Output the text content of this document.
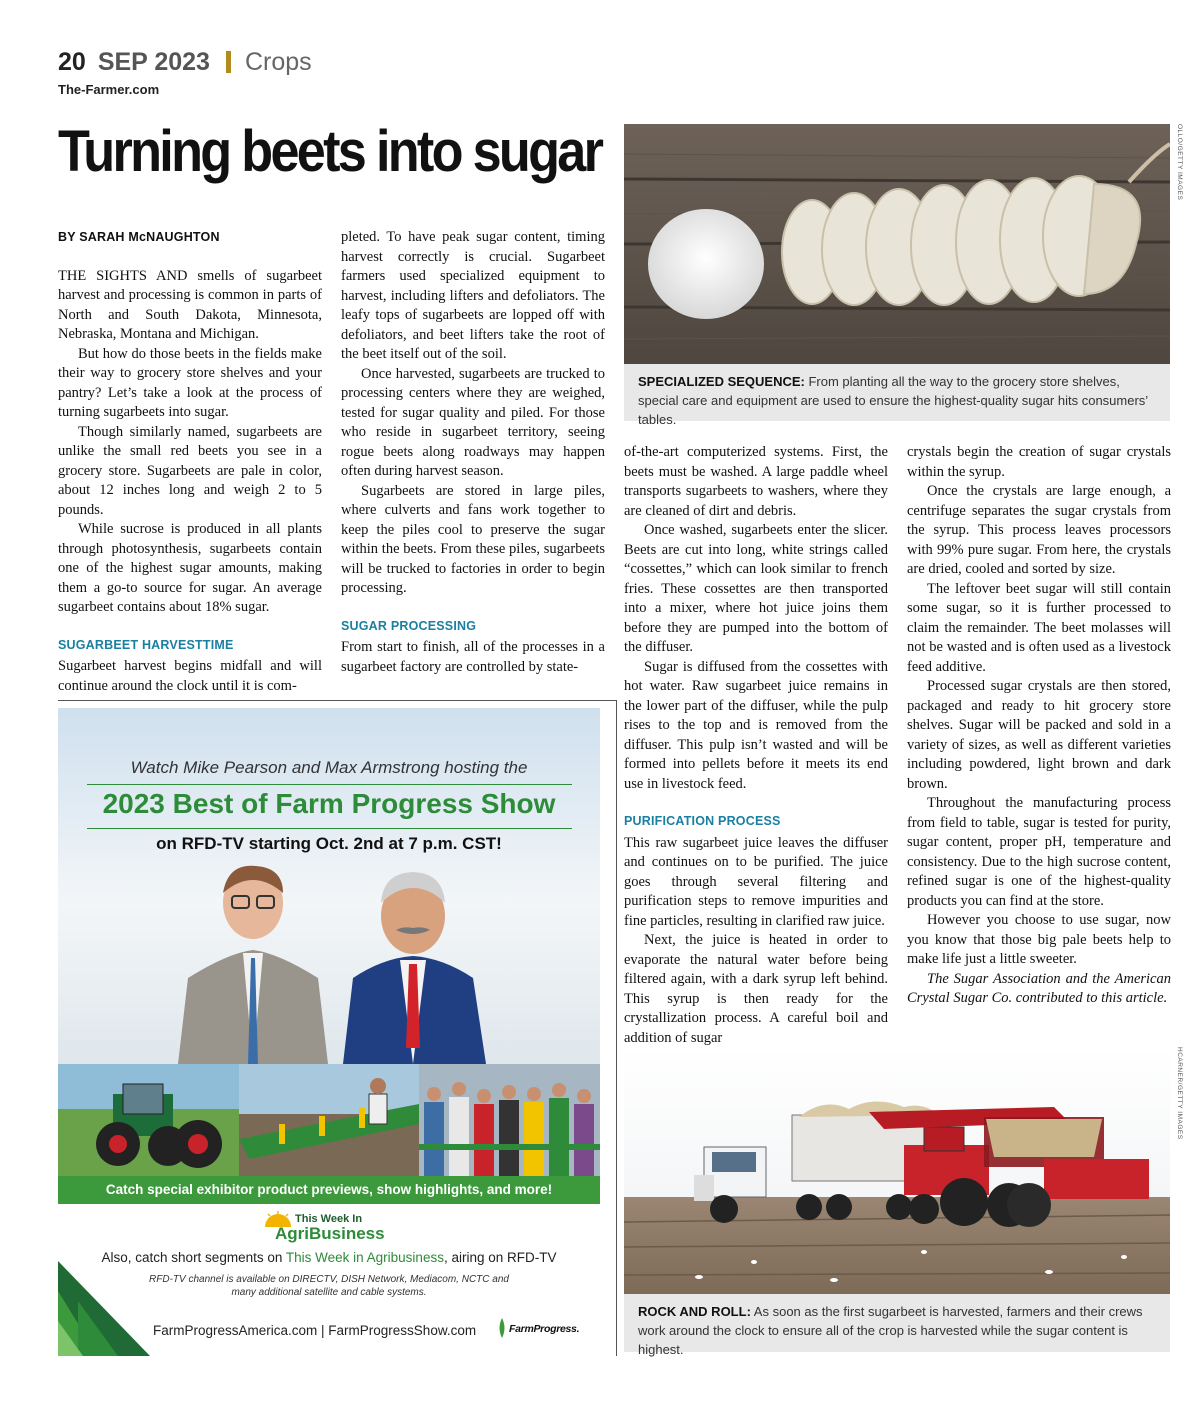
20 SEP 2023 Crops
The-Farmer.com
Turning beets into sugar

BY SARAH McNAUGHTON

THE SIGHTS AND smells of sugarbeet harvest and processing is common in parts of North and South Dakota, Minnesota, Nebraska, Montana and Michigan.

But how do those beets in the fields make their way to grocery store shelves and your pantry? Let’s take a look at the process of turning sugarbeets into sugar.

Though similarly named, sugarbeets are unlike the small red beets you see in a grocery store. Sugarbeets are pale in color, about 12 inches long and weigh 2 to 5 pounds.

While sucrose is produced in all plants through photosynthesis, sugarbeets contain one of the highest sugar amounts, making them a go-to source for sugar. An average sugarbeet contains about 18% sugar.

SUGARBEET HARVESTTIME

Sugarbeet harvest begins midfall and will continue around the clock until it is com-

pleted. To have peak sugar content, timing harvest correctly is crucial. Sugarbeet farmers used specialized equipment to harvest, including lifters and defoliators. The leafy tops of sugarbeets are lopped off with defoliators, and beet lifters take the root of the beet itself out of the soil.

Once harvested, sugarbeets are trucked to processing centers where they are weighed, tested for sugar quality and piled. For those who reside in sugarbeet territory, seeing rogue beets along roadways may happen often during harvest season.

Sugarbeets are stored in large piles, where culverts and fans work together to keep the piles cool to preserve the sugar within the beets. From these piles, sugarbeets will be trucked to factories in order to begin processing.

SUGAR PROCESSING

From start to finish, all of the processes in a sugarbeet factory are controlled by state-

OLLO/GETTY IMAGES
SPECIALIZED SEQUENCE: From planting all the way to the grocery store shelves, special care and equipment are used to ensure the highest-quality sugar hits consumers’ tables.

of-the-art computerized systems. First, the beets must be washed. A large paddle wheel transports sugarbeets to washers, where they are cleaned of dirt and debris.

Once washed, sugarbeets enter the slicer. Beets are cut into long, white strings called “cossettes,” which can look similar to french fries. These cossettes are then transported into a mixer, where hot juice joins them before they are pumped into the bottom of the diffuser.

Sugar is diffused from the cossettes with hot water. Raw sugarbeet juice remains in the lower part of the diffuser, while the pulp rises to the top and is removed from the diffuser. This pulp isn’t wasted and will be formed into pellets before it meets its end use in livestock feed.

PURIFICATION PROCESS

This raw sugarbeet juice leaves the diffuser and continues on to be purified. The juice goes through several filtering and purification steps to remove impurities and fine particles, resulting in clarified raw juice.

Next, the juice is heated in order to evaporate the natural water before being filtered again, with a dark syrup left behind. This syrup is then ready for the crystallization process. A careful boil and addition of sugar

crystals begin the creation of sugar crystals within the syrup.

Once the crystals are large enough, a centrifuge separates the sugar crystals from the syrup. This process leaves processors with 99% pure sugar. From here, the crystals are dried, cooled and sorted by size.

The leftover beet sugar will still contain some sugar, so it is further processed to claim the remainder. The beet molasses will not be wasted and is often used as a livestock feed additive.

Processed sugar crystals are then stored, packaged and ready to hit grocery store shelves. Sugar will be packed and sold in a variety of sizes, as well as different varieties including powdered, light brown and dark brown.

Throughout the manufacturing process from field to table, sugar is tested for purity, sugar content, proper pH, temperature and consistency. Due to the high sucrose content, refined sugar is one of the highest-quality products you can find at the store.

However you choose to use sugar, now you know that those big pale beets help to make life just a little sweeter.

The Sugar Association and the American Crystal Sugar Co. contributed to this article.

HCARNER/GETTY IMAGES
ROCK AND ROLL: As soon as the first sugarbeet is harvested, farmers and their crews work around the clock to ensure all of the crop is harvested while the sugar content is highest.
Watch Mike Pearson and Max Armstrong hosting the
2023 Best of Farm Progress Show
on RFD-TV starting Oct. 2nd at 7 p.m. CST!
Catch special exhibitor product previews, show highlights, and more!
This Week In
AgriBusiness
Also, catch short segments on This Week in Agribusiness, airing on RFD-TV
RFD-TV channel is available on DIRECTV, DISH Network, Mediacom, NCTC and many additional satellite and cable systems.
FarmProgressAmerica.com | FarmProgressShow.com	FarmProgress.
